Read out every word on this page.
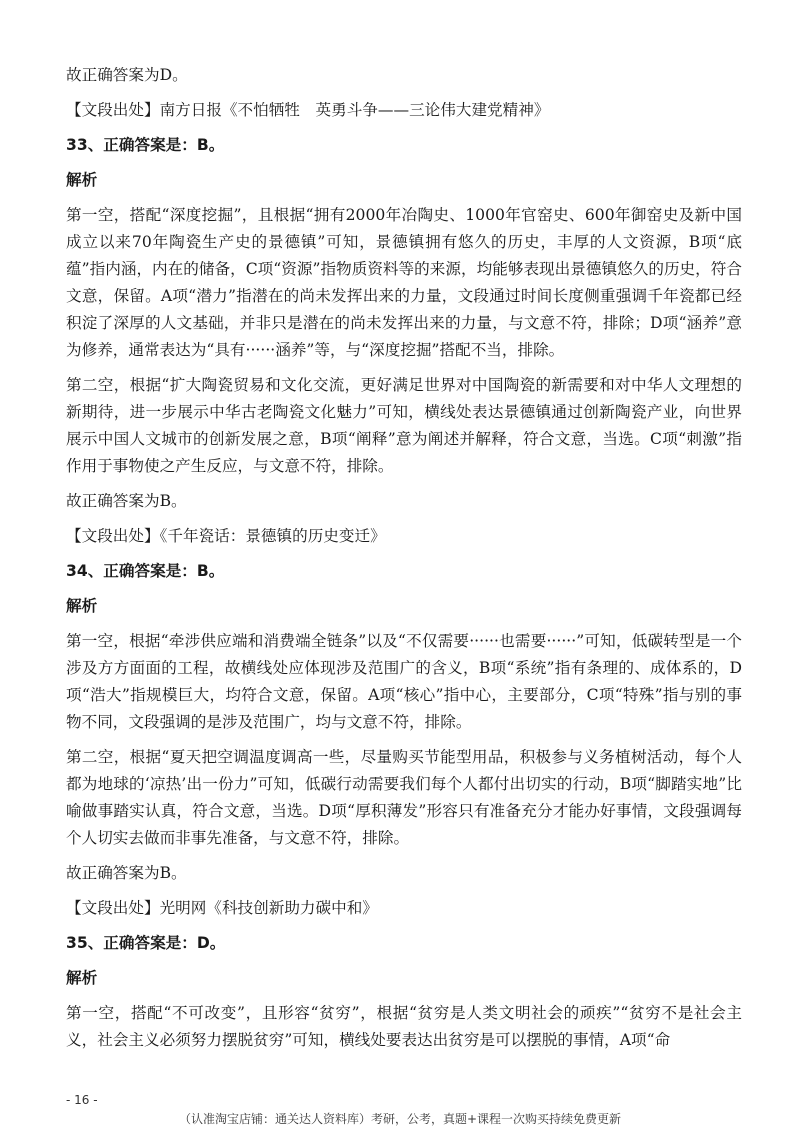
故正确答案为D。

【文段出处】南方日报《不怕牺牲　英勇斗争——三论伟大建党精神》

33、正确答案是：B。

解析

第一空，搭配“深度挖掘”，且根据“拥有2000年冶陶史、1000年官窑史、600年御窑史及新中国成立以来70年陶瓷生产史的景德镇”可知，景德镇拥有悠久的历史，丰厚的人文资源，B项“底蕴”指内涵，内在的储备，C项“资源”指物质资料等的来源，均能够表现出景德镇悠久的历史，符合文意，保留。A项“潜力”指潜在的尚未发挥出来的力量，文段通过时间长度侧重强调千年瓷都已经积淀了深厚的人文基础，并非只是潜在的尚未发挥出来的力量，与文意不符，排除；D项“涵养”意为修养，通常表达为“具有······涵养”等，与“深度挖掘”搭配不当，排除。

第二空，根据“扩大陶瓷贸易和文化交流，更好满足世界对中国陶瓷的新需要和对中华人文理想的新期待，进一步展示中华古老陶瓷文化魅力”可知，横线处表达景德镇通过创新陶瓷产业，向世界展示中国人文城市的创新发展之意，B项“阐释”意为阐述并解释，符合文意，当选。C项“刺激”指作用于事物使之产生反应，与文意不符，排除。

故正确答案为B。

【文段出处】《千年瓷话：景德镇的历史变迁》

34、正确答案是：B。

解析

第一空，根据“牵涉供应端和消费端全链条”以及“不仅需要······也需要······”可知，低碳转型是一个涉及方方面面的工程，故横线处应体现涉及范围广的含义，B项“系统”指有条理的、成体系的，D项“浩大”指规模巨大，均符合文意，保留。A项“核心”指中心，主要部分，C项“特殊”指与别的事物不同，文段强调的是涉及范围广，均与文意不符，排除。

第二空，根据“夏天把空调温度调高一些，尽量购买节能型用品，积极参与义务植树活动，每个人都为地球的‘凉热’出一份力”可知，低碳行动需要我们每个人都付出切实的行动，B项“脚踏实地”比喻做事踏实认真，符合文意，当选。D项“厚积薄发”形容只有准备充分才能办好事情，文段强调每个人切实去做而非事先准备，与文意不符，排除。

故正确答案为B。

【文段出处】光明网《科技创新助力碳中和》

35、正确答案是：D。

解析

第一空，搭配“不可改变”，且形容“贫穷”，根据“贫穷是人类文明社会的顽疾”“贫穷不是社会主义，社会主义必须努力摆脱贫穷”可知，横线处要表达出贫穷是可以摆脱的事情，A项“命

- 16 -
（认准淘宝店铺：通关达人资料库）考研，公考，真题+课程一次购买持续免费更新
